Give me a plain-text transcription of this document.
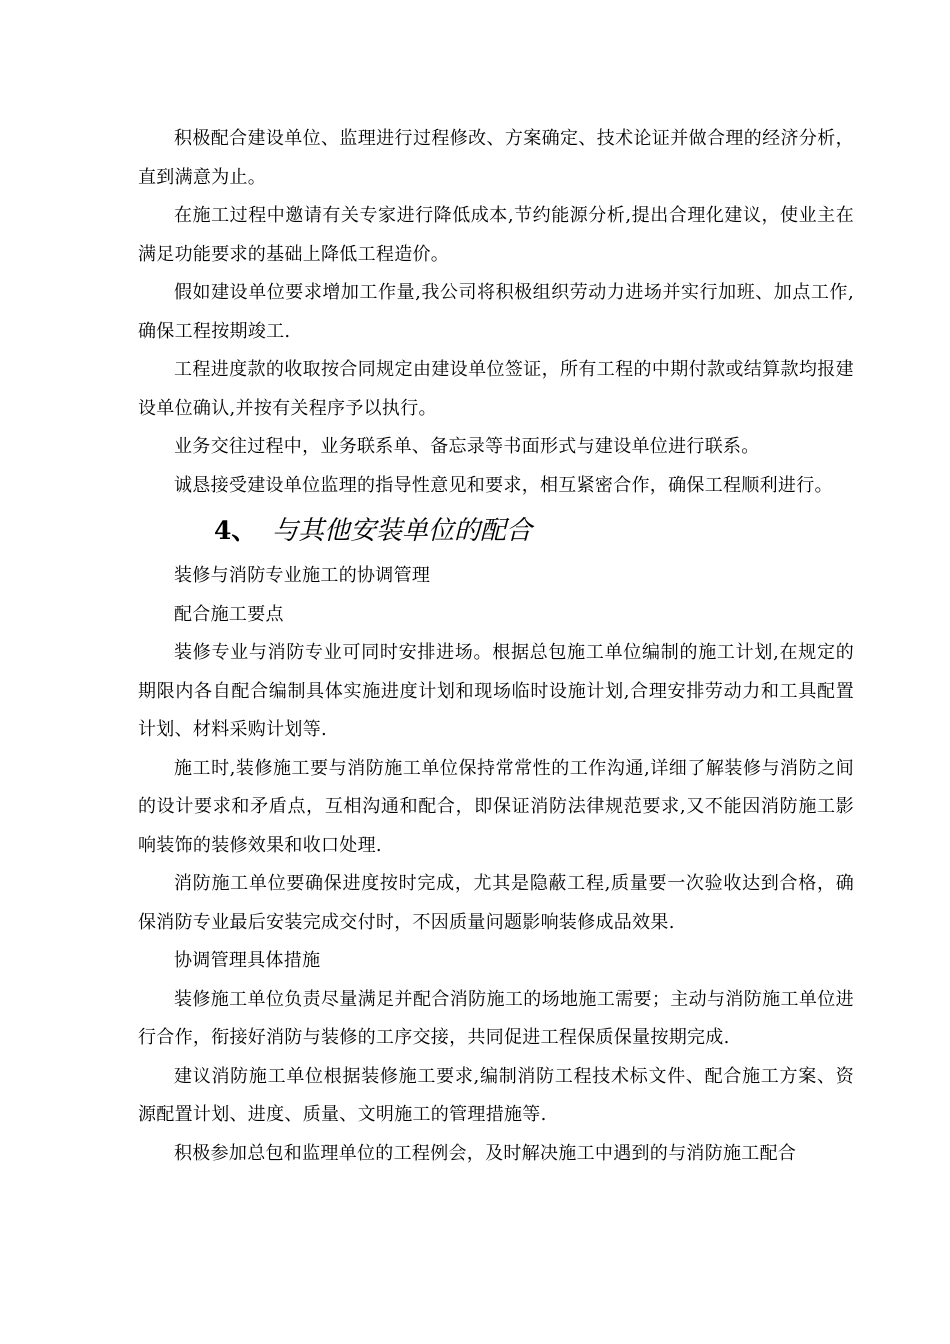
积极配合建设单位、监理进行过程修改、方案确定、技术论证并做合理的经济分析，直到满意为止。

在施工过程中邀请有关专家进行降低成本,节约能源分析,提出合理化建议，使业主在满足功能要求的基础上降低工程造价。

假如建设单位要求增加工作量,我公司将积极组织劳动力进场并实行加班、加点工作,确保工程按期竣工.

工程进度款的收取按合同规定由建设单位签证，所有工程的中期付款或结算款均报建设单位确认,并按有关程序予以执行。

业务交往过程中，业务联系单、备忘录等书面形式与建设单位进行联系。

诚恳接受建设单位监理的指导性意见和要求，相互紧密合作，确保工程顺利进行。

4、 与其他安装单位的配合

装修与消防专业施工的协调管理

配合施工要点

装修专业与消防专业可同时安排进场。根据总包施工单位编制的施工计划,在规定的期限内各自配合编制具体实施进度计划和现场临时设施计划,合理安排劳动力和工具配置计划、材料采购计划等.

施工时,装修施工要与消防施工单位保持常常性的工作沟通,详细了解装修与消防之间的设计要求和矛盾点，互相沟通和配合，即保证消防法律规范要求,又不能因消防施工影响装饰的装修效果和收口处理.

消防施工单位要确保进度按时完成，尤其是隐蔽工程,质量要一次验收达到合格，确保消防专业最后安装完成交付时，不因质量问题影响装修成品效果.

协调管理具体措施

装修施工单位负责尽量满足并配合消防施工的场地施工需要；主动与消防施工单位进行合作，衔接好消防与装修的工序交接，共同促进工程保质保量按期完成.

建议消防施工单位根据装修施工要求,编制消防工程技术标文件、配合施工方案、资源配置计划、进度、质量、文明施工的管理措施等.

积极参加总包和监理单位的工程例会，及时解决施工中遇到的与消防施工配合
